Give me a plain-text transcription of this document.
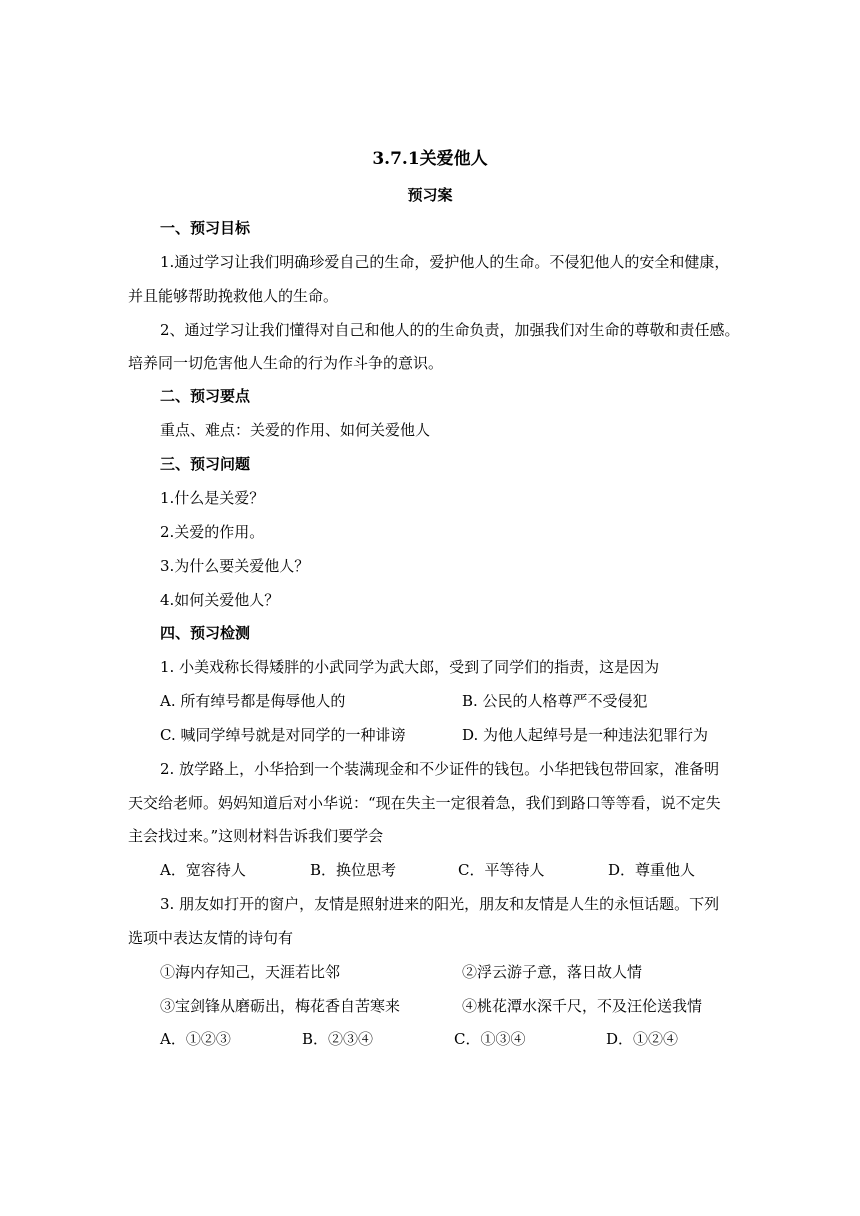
3.7.1关爱他人
预习案
一、预习目标
1.通过学习让我们明确珍爱自己的生命，爱护他人的生命。不侵犯他人的安全和健康，
并且能够帮助挽救他人的生命。
2、通过学习让我们懂得对自己和他人的的生命负责，加强我们对生命的尊敬和责任感。
培养同一切危害他人生命的行为作斗争的意识。
二、预习要点
重点、难点：关爱的作用、如何关爱他人
三、预习问题
1.什么是关爱？
2.关爱的作用。
3.为什么要关爱他人？
4.如何关爱他人？
四、预习检测
1. 小美戏称长得矮胖的小武同学为武大郎，受到了同学们的指责，这是因为
A. 所有绰号都是侮辱他人的	B. 公民的人格尊严不受侵犯
C. 喊同学绰号就是对同学的一种诽谤	D. 为他人起绰号是一种违法犯罪行为
2. 放学路上，小华拾到一个装满现金和不少证件的钱包。小华把钱包带回家，准备明
天交给老师。妈妈知道后对小华说：“现在失主一定很着急，我们到路口等等看，说不定失
主会找过来。”这则材料告诉我们要学会
A．宽容待人	B．换位思考	C．平等待人	D．尊重他人
3. 朋友如打开的窗户，友情是照射进来的阳光，朋友和友情是人生的永恒话题。下列
选项中表达友情的诗句有
①海内存知己，天涯若比邻	②浮云游子意，落日故人情
③宝剑锋从磨砺出，梅花香自苦寒来	④桃花潭水深千尺，不及汪伦送我情
A．①②③	B．②③④	C．①③④	D．①②④
